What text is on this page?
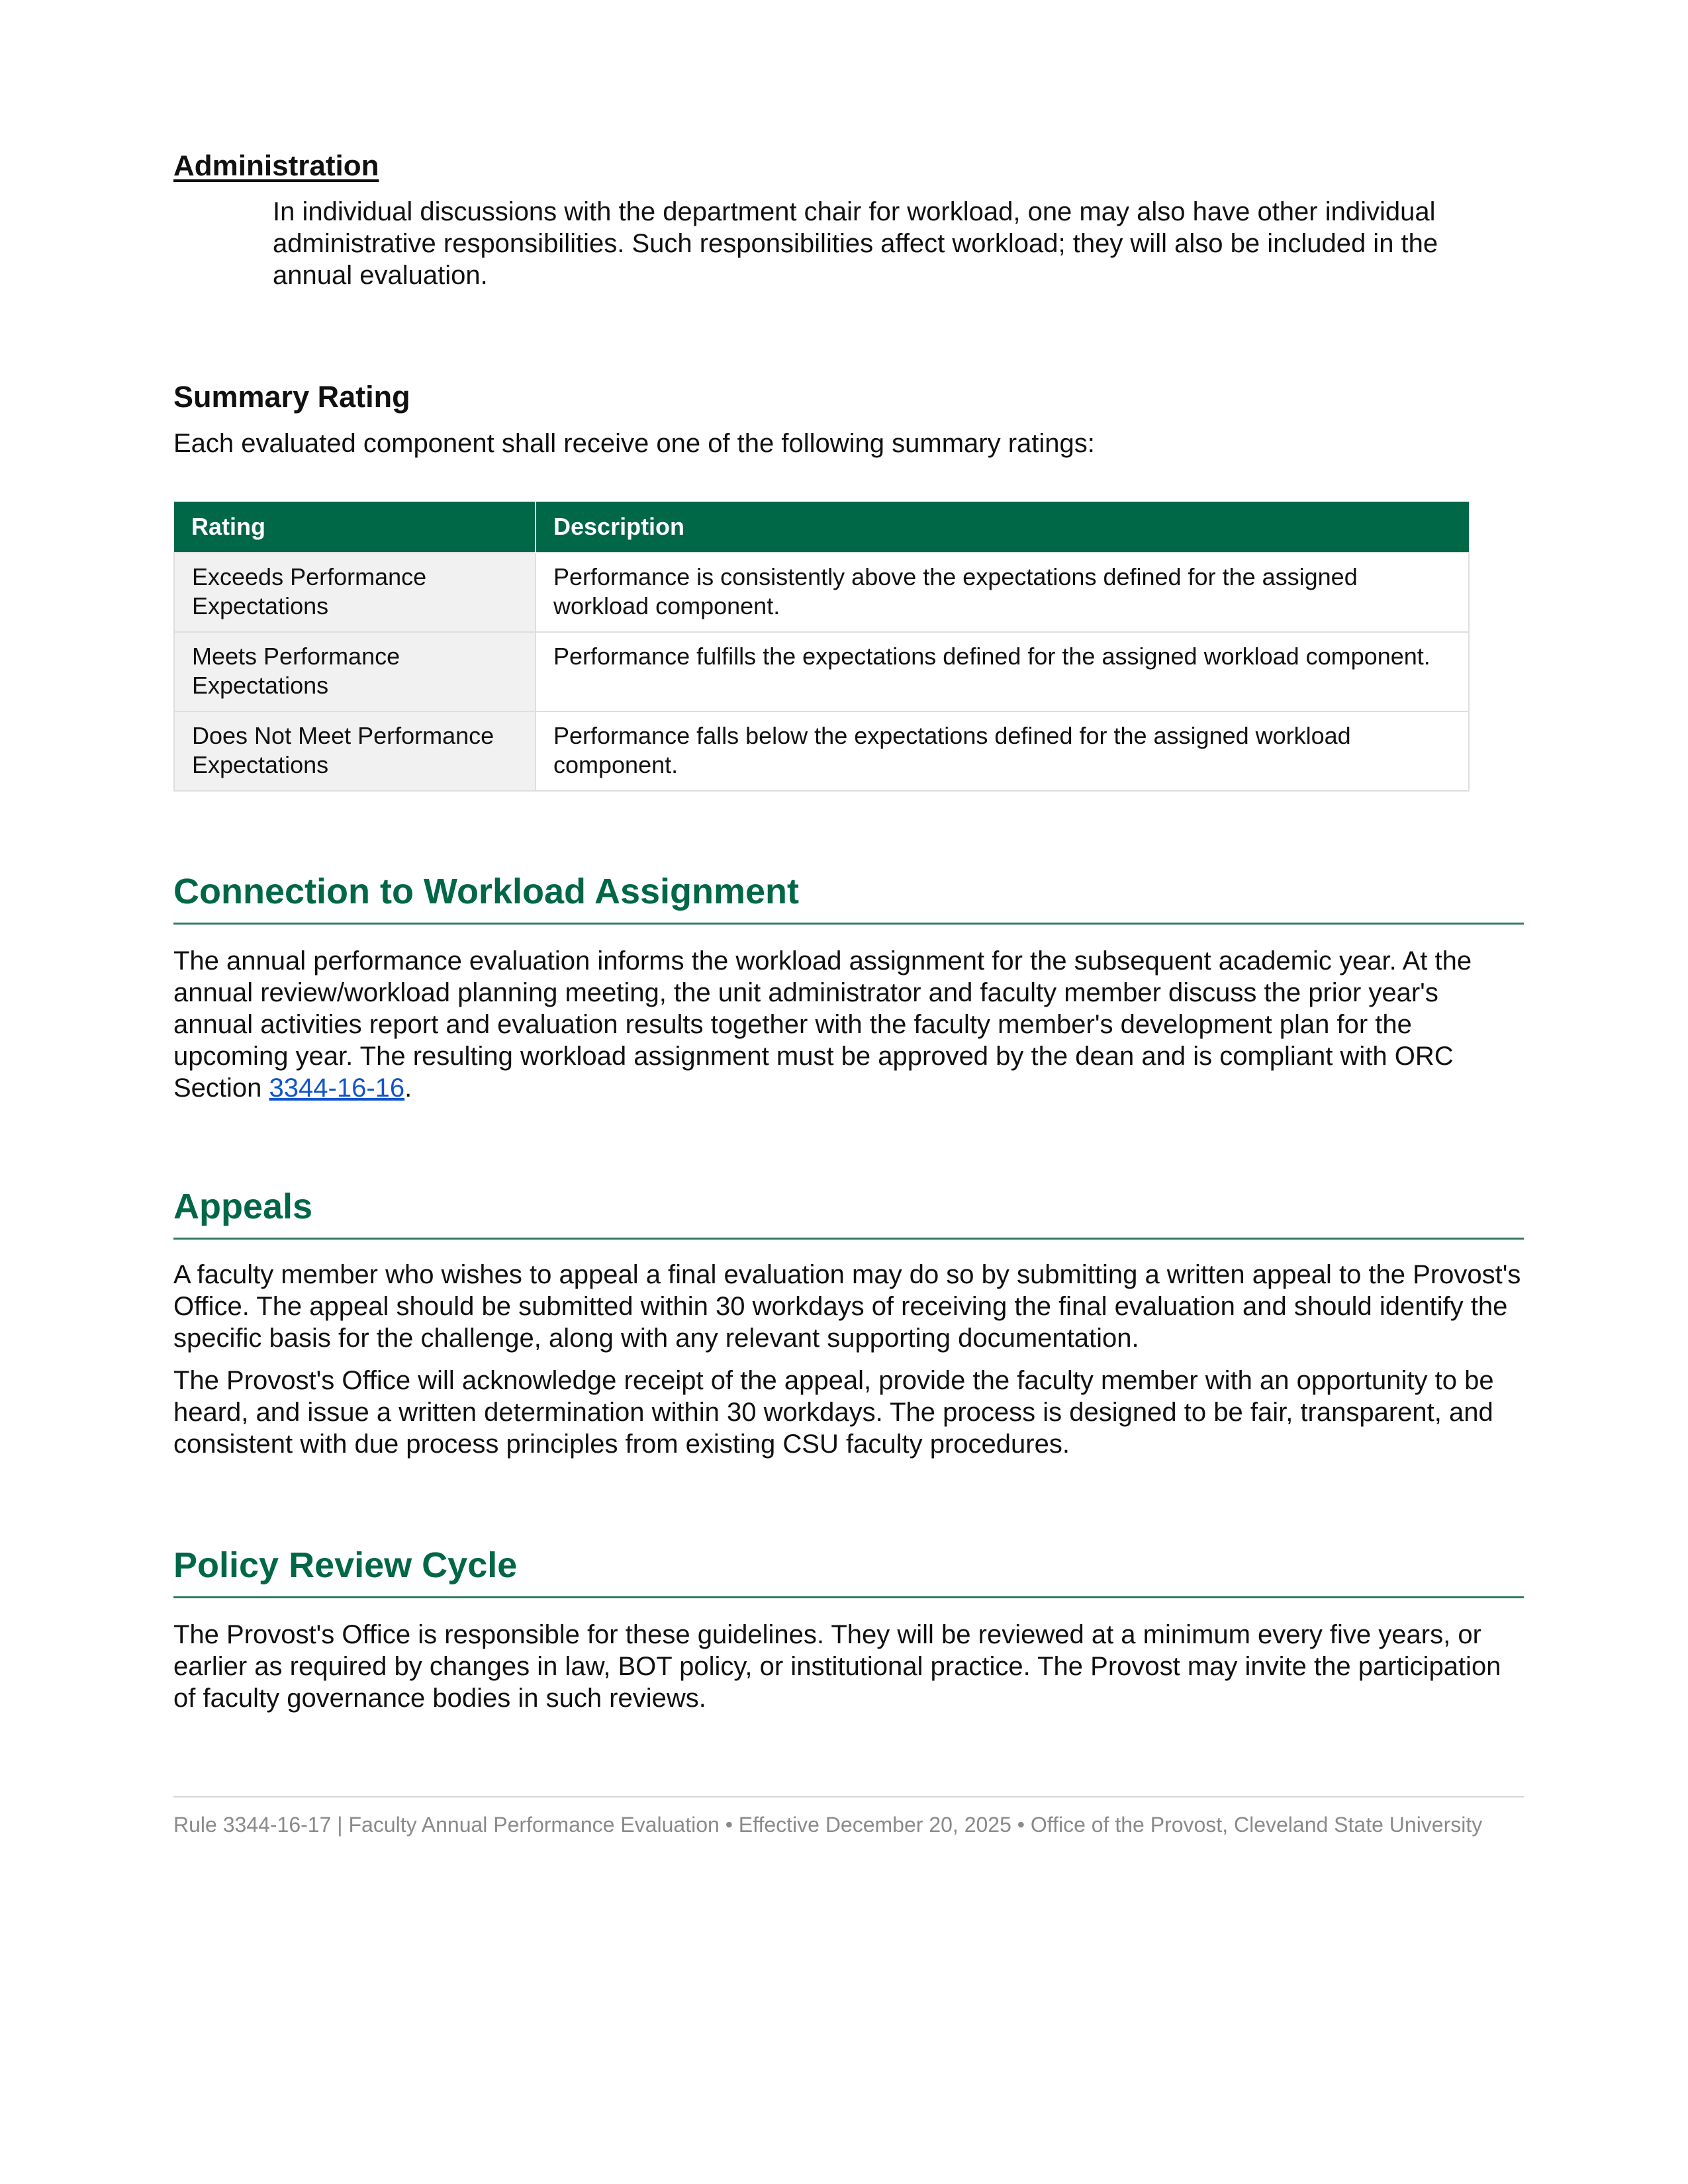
Administration

In individual discussions with the department chair for workload, one may also have other individual administrative responsibilities. Such responsibilities affect workload; they will also be included in the annual evaluation.

Summary Rating

Each evaluated component shall receive one of the following summary ratings:

Rating	Description
Exceeds Performance Expectations	Performance is consistently above the expectations defined for the assigned workload component.
Meets Performance Expectations	Performance fulfills the expectations defined for the assigned workload component.
Does Not Meet Performance Expectations	Performance falls below the expectations defined for the assigned workload component.
Connection to Workload Assignment

The annual performance evaluation informs the workload assignment for the subsequent academic year. At the annual review/workload planning meeting, the unit administrator and faculty member discuss the prior year's annual activities report and evaluation results together with the faculty member's development plan for the upcoming year. The resulting workload assignment must be approved by the dean and is compliant with ORC Section 3344-16-16.

Appeals

A faculty member who wishes to appeal a final evaluation may do so by submitting a written appeal to the Provost's Office. The appeal should be submitted within 30 workdays of receiving the final evaluation and should identify the specific basis for the challenge, along with any relevant supporting documentation.

The Provost's Office will acknowledge receipt of the appeal, provide the faculty member with an opportunity to be heard, and issue a written determination within 30 workdays. The process is designed to be fair, transparent, and consistent with due process principles from existing CSU faculty procedures.

Policy Review Cycle

The Provost's Office is responsible for these guidelines. They will be reviewed at a minimum every five years, or earlier as required by changes in law, BOT policy, or institutional practice. The Provost may invite the participation of faculty governance bodies in such reviews.

Rule 3344-16-17 | Faculty Annual Performance Evaluation • Effective December 20, 2025 • Office of the Provost, Cleveland State University
